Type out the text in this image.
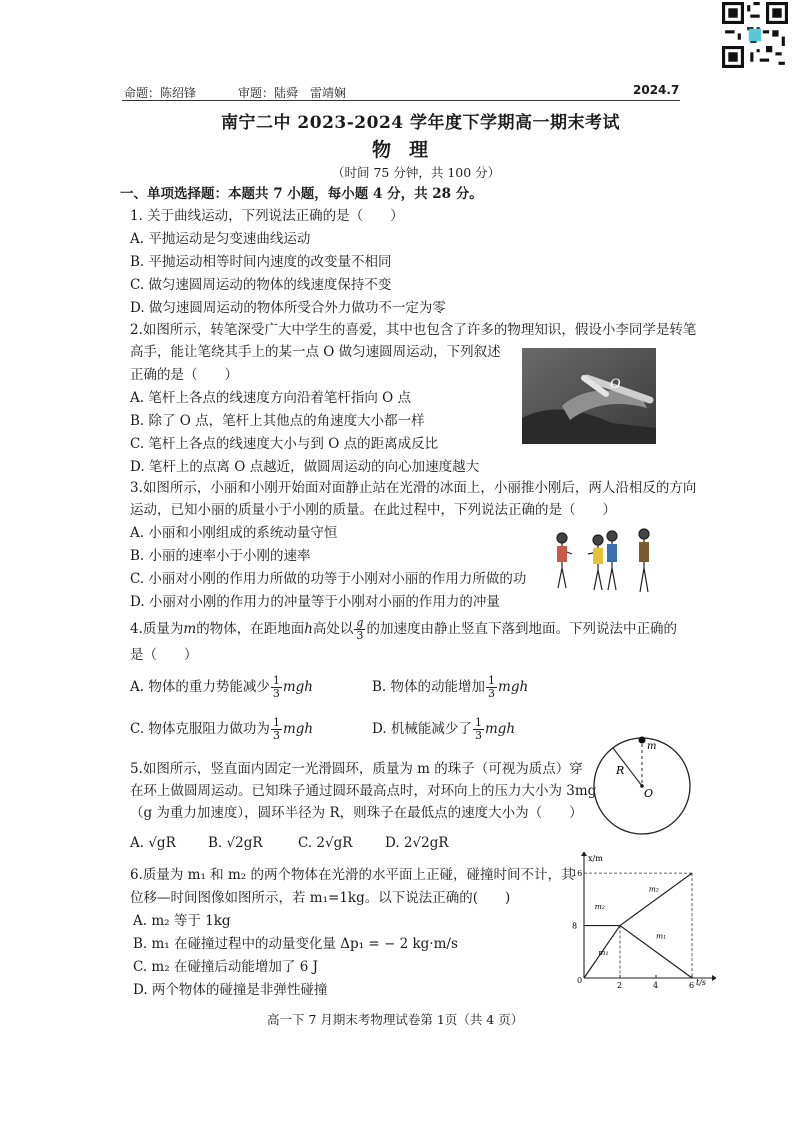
命题：陈绍锋	审题：陆舜　雷靖娴	2024.7
南宁二中 2023-2024 学年度下学期高一期末考试
物理
（时间 75 分钟，共 100 分）
一、单项选择题：本题共 7 小题，每小题 4 分，共 28 分。
1. 关于曲线运动，下列说法正确的是（　　）
A. 平抛运动是匀变速曲线运动
B. 平抛运动相等时间内速度的改变量不相同
C. 做匀速圆周运动的物体的线速度保持不变
D. 做匀速圆周运动的物体所受合外力做功不一定为零
2.如图所示，转笔深受广大中学生的喜爱，其中也包含了许多的物理知识，假设小李同学是转笔
高手，能让笔绕其手上的某一点 O 做匀速圆周运动，下列叙述
正确的是（　　）
A. 笔杆上各点的线速度方向沿着笔杆指向 O 点
B. 除了 O 点，笔杆上其他点的角速度大小都一样
C. 笔杆上各点的线速度大小与到 O 点的距离成反比
D. 笔杆上的点离 O 点越近，做圆周运动的向心加速度越大
O
3.如图所示，小丽和小刚开始面对面静止站在光滑的冰面上，小丽推小刚后，两人沿相反的方向
运动，已知小丽的质量小于小刚的质量。在此过程中，下列说法正确的是（　　）
A. 小丽和小刚组成的系统动量守恒
B. 小丽的速率小于小刚的速率
C. 小丽对小刚的作用力所做的功等于小刚对小丽的作用力所做的功
D. 小丽对小刚的作用力的冲量等于小刚对小丽的作用力的冲量
4.质量为m的物体，在距地面h高处以 $\frac{g}{3}$ 的加速度由静止竖直下落到地面。下列说法中正确的
是（　　）
A. 物体的重力势能减少 $\frac{1}{3}$ mgh	B. 物体的动能增加 $\frac{1}{3}$ mgh
C. 物体克服阻力做功为 $\frac{1}{3}$ mgh	D. 机械能减少了 $\frac{1}{3}$ mgh
5.如图所示，竖直面内固定一光滑圆环，质量为 m 的珠子（可视为质点）穿
在环上做圆周运动。已知珠子通过圆环最高点时，对环向上的压力大小为 3mg
（g 为重力加速度），圆环半径为 R，则珠子在最低点的速度大小为（　　）
A. √gR B. √2gR	C. 2√gR D. 2√2gR
m
R
O
6.质量为 m₁ 和 m₂ 的两个物体在光滑的水平面上正碰，碰撞时间不计，其
位移—时间图像如图所示，若 m₁=1kg。以下说法正确的(　　)
A. m₂ 等于 1kg
B. m₁ 在碰撞过程中的动量变化量 Δp₁ = − 2 kg·m/s
C. m₂ 在碰撞后动能增加了 6 J
D. 两个物体的碰撞是非弹性碰撞	2	4	6
8
16
m₂
m₁
m₂
m₁
x/m
t/s
0
高一下 7 月期末考物理试卷第 1页（共 4 页）
